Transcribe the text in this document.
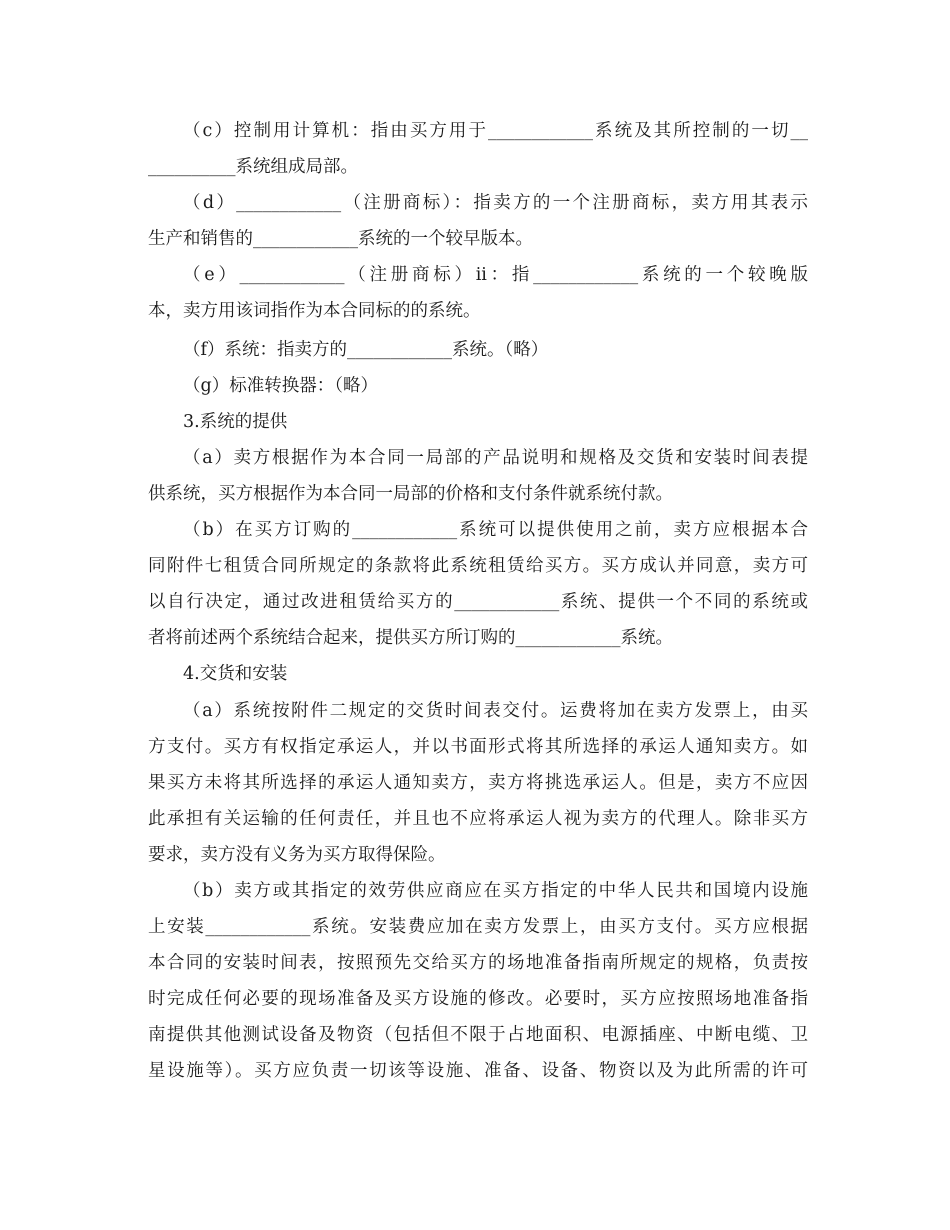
（c）控制用计算机：指由买方用于____________系统及其所控制的一切__
__________系统组成局部。
（d）____________（注册商标）：指卖方的一个注册商标，卖方用其表示
生产和销售的____________系统的一个较早版本。
（e）____________（注册商标）ii：指____________系统的一个较晚版
本，卖方用该词指作为本合同标的的系统。
（f）系统：指卖方的____________系统。（略）
（g）标准转换器：（略）
3.系统的提供
（a）卖方根据作为本合同一局部的产品说明和规格及交货和安装时间表提
供系统，买方根据作为本合同一局部的价格和支付条件就系统付款。
（b）在买方订购的____________系统可以提供使用之前，卖方应根据本合
同附件七租赁合同所规定的条款将此系统租赁给买方。买方成认并同意，卖方可
以自行决定，通过改进租赁给买方的____________系统、提供一个不同的系统或
者将前述两个系统结合起来，提供买方所订购的____________系统。
4.交货和安装
（a）系统按附件二规定的交货时间表交付。运费将加在卖方发票上，由买
方支付。买方有权指定承运人，并以书面形式将其所选择的承运人通知卖方。如
果买方未将其所选择的承运人通知卖方，卖方将挑选承运人。但是，卖方不应因
此承担有关运输的任何责任，并且也不应将承运人视为卖方的代理人。除非买方
要求，卖方没有义务为买方取得保险。
（b）卖方或其指定的效劳供应商应在买方指定的中华人民共和国境内设施
上安装____________系统。安装费应加在卖方发票上，由买方支付。买方应根据
本合同的安装时间表，按照预先交给买方的场地准备指南所规定的规格，负责按
时完成任何必要的现场准备及买方设施的修改。必要时，买方应按照场地准备指
南提供其他测试设备及物资（包括但不限于占地面积、电源插座、中断电缆、卫
星设施等）。买方应负责一切该等设施、准备、设备、物资以及为此所需的许可
